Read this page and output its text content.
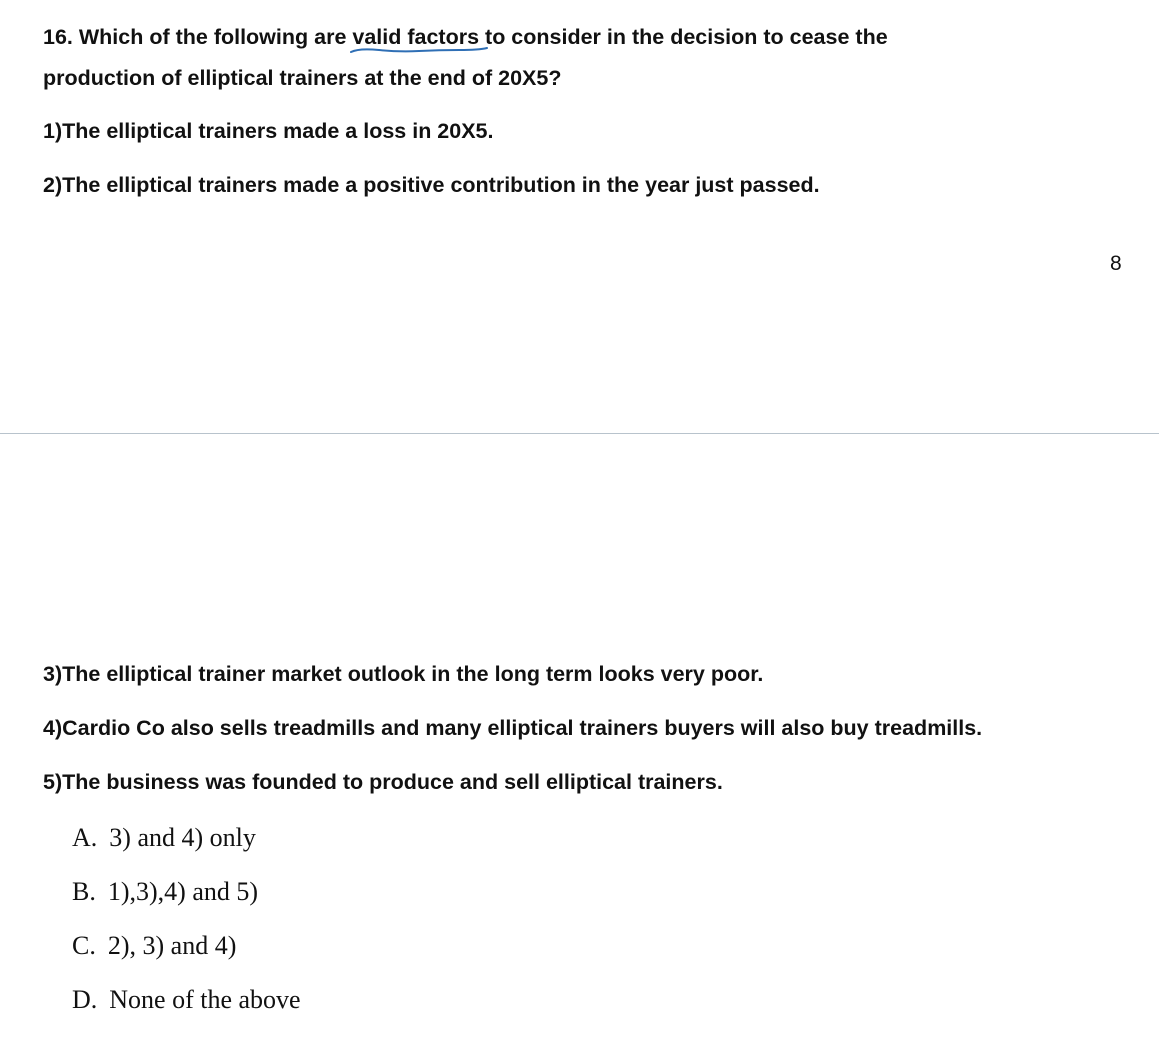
16. Which of the following are valid factors
to consider in the decision to cease the
production of elliptical trainers at the end of 20X5?
1)The elliptical trainers made a loss in 20X5.
2)The elliptical trainers made a positive contribution in the year just passed.
8
3)The elliptical trainer market outlook in the long term looks very poor.
4)Cardio Co also sells treadmills and many elliptical trainers buyers will also buy treadmills.
5)The business was founded to produce and sell elliptical trainers.
A. 3) and 4) only
B. 1),3),4) and 5)
C. 2), 3) and 4)
D. None of the above
